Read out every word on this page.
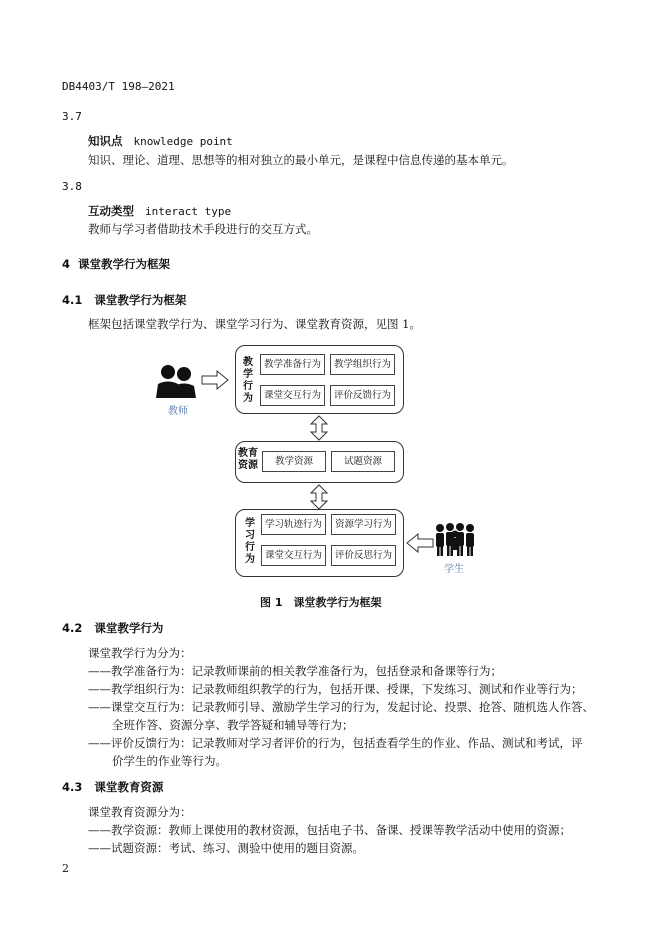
DB4403/T 198—2021
3.7
知识点 knowledge point
知识、理论、道理、思想等的相对独立的最小单元，是课程中信息传递的基本单元。
3.8
互动类型 interact type
教师与学习者借助技术手段进行的交互方式。
4 课堂教学行为框架
4.1 课堂教学行为框架
框架包括课堂教学行为、课堂学习行为、课堂教育资源，见图 1。
教师
教学行为
教学准备行为	教学组织行为
课堂交互行为	评价反馈行为
教育
资源	教学资源	试题资源
学习行为
学习轨迹行为	资源学习行为
课堂交互行为	评价反思行为
学生
图 1　课堂教学行为框架
4.2 课堂教学行为
课堂教学行为分为：
——教学准备行为：记录教师课前的相关教学准备行为，包括登录和备课等行为；
——教学组织行为：记录教师组织教学的行为，包括开课、授课，下发练习、测试和作业等行为；
——课堂交互行为：记录教师引导、激励学生学习的行为，发起讨论、投票、抢答、随机选人作答、
全班作答、资源分享、教学答疑和辅导等行为；
——评价反馈行为：记录教师对学习者评价的行为，包括查看学生的作业、作品、测试和考试，评
价学生的作业等行为。
4.3 课堂教育资源
课堂教育资源分为：
——教学资源：教师上课使用的教材资源，包括电子书、备课、授课等教学活动中使用的资源；
——试题资源：考试、练习、测验中使用的题目资源。
2
